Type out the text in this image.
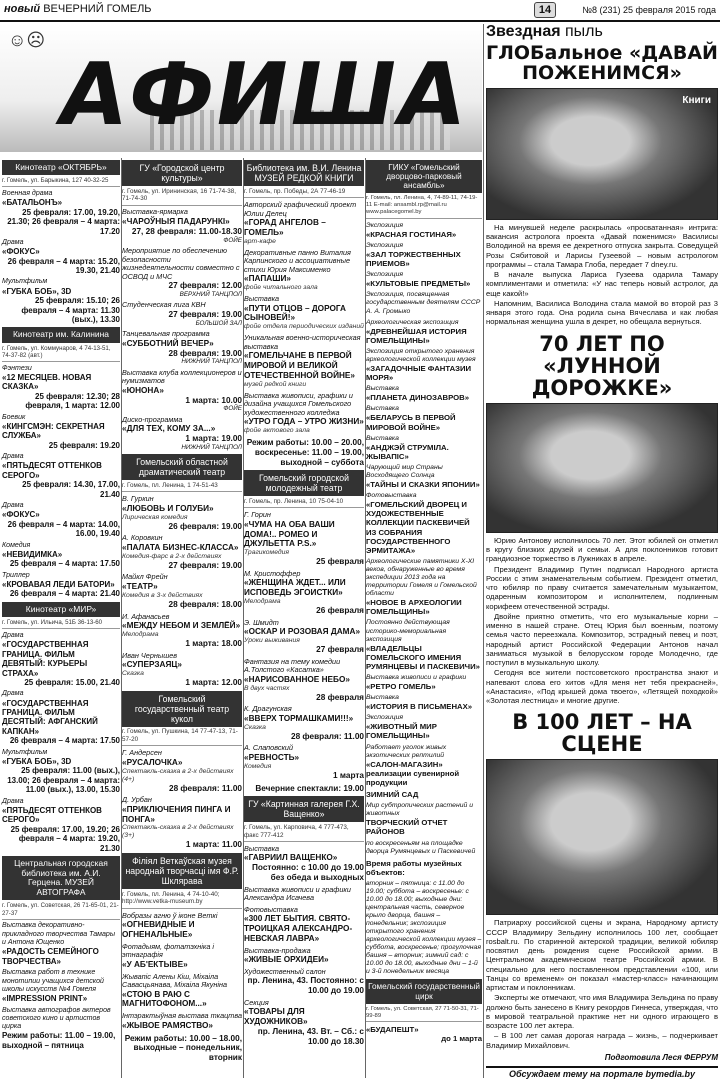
новый ВЕЧЕРНИЙ ГОМЕЛЬ	14	№8 (231) 25 февраля 2015 года
☺☹
АФИША
Кинотеатр «ОКТЯБРЬ»
г. Гомель, ул. Барыкина, 127 40-32-25
Военная драма
«БАТАЛЬОНЪ»
25 февраля: 17.00, 19.20, 21.30; 26 февраля – 4 марта: 17.20
Драма
«ФОКУС»
26 февраля – 4 марта: 15.20, 19.30, 21.40
Мультфильм
«ГУБКА БОБ», 3D
25 февраля: 15.10; 26 февраля – 4 марта: 11.30 (вых.), 13.30
Кинотеатр им. Калинина
г. Гомель, ул. Коммунаров, 4 74-13-51, 74-37-82 (авт.)
Фэнтези
«12 МЕСЯЦЕВ. НОВАЯ СКАЗКА»
25 февраля: 12.30; 28 февраля, 1 марта: 12.00
Боевик
«КИНГСМЭН: СЕКРЕТНАЯ СЛУЖБА»
25 февраля: 19.20
Драма
«ПЯТЬДЕСЯТ ОТТЕНКОВ СЕРОГО»
25 февраля: 14.30, 17.00, 21.40
Драма
«ФОКУС»
26 февраля – 4 марта: 14.00, 16.00, 19.40
Комедия
«НЕВИДИМКА»
25 февраля – 4 марта: 17.50
Триллер
«КРОВАВАЯ ЛЕДИ БАТОРИ»
26 февраля – 4 марта: 21.40
Кинотеатр «МИР»
г. Гомель, ул. Ильича, 51Б 36-13-60
Драма
«ГОСУДАРСТВЕННАЯ ГРАНИЦА. ФИЛЬМ ДЕВЯТЫЙ: КУРЬЕРЫ СТРАХА»
25 февраля: 15.00, 21.40
Драма
«ГОСУДАРСТВЕННАЯ ГРАНИЦА. ФИЛЬМ ДЕСЯТЫЙ: АФГАНСКИЙ КАПКАН»
26 февраля – 4 марта: 17.50
Мультфильм
«ГУБКА БОБ», 3D
25 февраля: 11.00 (вых.), 13.00; 26 февраля – 4 марта: 11.00 (вых.), 13.00, 15.30
Драма
«ПЯТЬДЕСЯТ ОТТЕНКОВ СЕРОГО»
25 февраля: 17.00, 19.20; 26 февраля – 4 марта: 19.20, 21.30
Центральная городская библиотека им. А.И. Герцена. МУЗЕЙ АВТОГРАФА
г. Гомель, ул. Советская, 26 71-65-01, 21-27-37
Выставка декоративно-прикладного творчества Тамары и Антона Ющенко
«РАДОСТЬ СЕМЕЙНОГО ТВОРЧЕСТВА»
Выставка работ в технике монотипии учащихся детской школы искусств №4 Гомеля
«IMPRESSION PRINT»
Выставка автографов актеров советского кино и артистов цирка
Режим работы: 11.00 – 19.00, выходной – пятница
ГУ «Городской центр культуры»
г. Гомель, ул. Ирининская, 16 71-74-38, 71-74-30
Выставка-ярмарка
«ЧАРОЎНЫЯ ПАДАРУНКІ»
27, 28 февраля: 11.00-18.30
ФОЙЕ
Мероприятие по обеспечению безопасности жизнедеятельности совместно с ОСВОД и МЧС
27 февраля: 12.00
ВЕРХНИЙ ТАНЦПОЛ
Студенческая лига КВН
27 февраля: 19.00
БОЛЬШОЙ ЗАЛ
Танцевальная программа
«СУББОТНИЙ ВЕЧЕР»
28 февраля: 19.00
НИЖНИЙ ТАНЦПОЛ
Выставка клуба коллекционеров и нумизматов
«ЮНОНА»
1 марта: 10.00
ФОЙЕ
Диско-программа
«ДЛЯ ТЕХ, КОМУ ЗА...»
1 марта: 19.00
НИЖНИЙ ТАНЦПОЛ
Гомельский областной драматический театр
г. Гомель, пл. Ленина, 1 74-51-43
В. Гуркин
«ЛЮБОВЬ И ГОЛУБИ»
Лирическая комедия
26 февраля: 19.00
А. Коровкин
«ПАЛАТА БИЗНЕС-КЛАССА»
Комедия-фарс в 2-х действиях
27 февраля: 19.00
Майкл Фрейн
«ТЕАТР»
Комедия в 3-х действиях
28 февраля: 18.00
И. Афанасьев
«МЕЖДУ НЕБОМ И ЗЕМЛЁЙ»
Мелодрама
1 марта: 18.00
Иван Чернышев
«СУПЕРЗАЯЦ»
Сказка
1 марта: 12.00
Гомельский государственный театр кукол
г. Гомель, ул. Пушкина, 14 77-47-13, 71-57-20
Г. Андерсен
«РУСАЛОЧКА»
Спектакль-сказка в 2-х действиях (4+)
28 февраля: 11.00
Д. Урбан
«ПРИКЛЮЧЕНИЯ ПИНГА И ПОНГА»
Спектакль-сказка в 2-х действиях (3+)
1 марта: 11.00
Філіял Веткаўская музея народнай творчасці імя Ф.Р. Шклярава
г. Гомель, пл. Ленина, 4 74-10-40; http://www.vetka-museum.by
Вобразы агню ў іконе Веткі
«ОГНЕВИДНЫЕ И ОГНЕНАЛЬНЫЕ»
Фотадыям, фотатэхніка і этнаграфія
«У АБ'ЕКТЫВЕ»
Жывапіс Алены Кіш, Міхаіла Савасцьянава, Міхаіла Якуніна
«СТОЮ В РАЮ С МАГНИТОФОНОМ...»
Інтэрактыўная выстава ткацтва
«ЖЫВОЕ РАМЯСТВО»
Режим работы: 10.00 – 18.00, выходные – понедельник, вторник
Библиотека им. В.И. Ленина МУЗЕЙ РЕДКОЙ КНИГИ
г. Гомель, пр. Победы, 2А 77-46-19
Авторский графический проект Юлии Делец
«ГОРАД АНГЕЛОВ – ГОМЕЛЬ»
арт-кафе
Декоративные панно Виталия Карпинского и ассоциативные стихи Юрия Максименко
«ПАПАШИ»
фойе читального зала
Выставка
«ПУТИ ОТЦОВ – ДОРОГА СЫНОВЕЙ!»
фойе отдела периодических изданий
Уникальная военно-историческая выставка
«ГОМЕЛЬЧАНЕ В ПЕРВОЙ МИРОВОЙ И ВЕЛИКОЙ ОТЕЧЕСТВЕННОЙ ВОЙНЕ»
музей редкой книги
Выставка живописи, графики и дизайна учащихся Гомельского художественного колледжа
«УТРО ГОДА – УТРО ЖИЗНИ»
фойе актового зала
Режим работы: 10.00 – 20.00, воскресенье: 11.00 – 19.00, выходной – суббота
Гомельский городской молодежный театр
г. Гомель, пр. Ленина, 10 75-04-10
Г. Горин
«ЧУМА НА ОБА ВАШИ ДОМА!.. РОМЕО И ДЖУЛЬЕТТА P.S.»
Трагикомедия
25 февраля
М. Кристоффер
«ЖЕНЩИНА ЖДЕТ... ИЛИ ИСПОВЕДЬ ЭГОИСТКИ»
Мелодрама
26 февраля
Э. Шмидт
«ОСКАР И РОЗОВАЯ ДАМА»
Уроки выживания
27 февраля
Фантазия на тему комедии А.Толстого «Касатка»
«НАРИСОВАННОЕ НЕБО»
В двух частях
28 февраля
К. Драгунская
«ВВЕРХ ТОРМАШКАМИ!!!»
Сказка
28 февраля: 11.00
А. Слаповский
«РЕВНОСТЬ»
Комедия
1 марта
Вечерние спектакли: 19.00
ГУ «Картинная галерея Г.Х. Ващенко»
г. Гомель, ул. Карповича, 4 777-473, факс 777-412
Выставка
«ГАВРИИЛ ВАЩЕНКО»
Постоянно: с 10.00 до 19.00 без обеда и выходных
Выставка живописи и графики Александра Исачева
Фотовыставка
«300 ЛЕТ БЫТИЯ. СВЯТО-ТРОИЦКАЯ АЛЕКСАНДРО-НЕВСКАЯ ЛАВРА»
Выставка-продажа
«ЖИВЫЕ ОРХИДЕИ»
Художественный салон
пр. Ленина, 43. Постоянно: с 10.00 до 19.00
Секция
«ТОВАРЫ ДЛЯ ХУДОЖНИКОВ»
пр. Ленина, 43. Вт. – Сб.: с 10.00 до 18.30
ГИКУ «Гомельский дворцово-парковый ансамбль»
г. Гомель, пл. Ленина, 4, 74-89-11, 74-19-11 E-mail: ansambl.rp@mail.ru www.palacegomel.by
Экспозиция
«КРАСНАЯ ГОСТИНАЯ»
Экспозиция
«ЗАЛ ТОРЖЕСТВЕННЫХ ПРИЕМОВ»
Экспозиция
«КУЛЬТОВЫЕ ПРЕДМЕТЫ»
Экспозиция, посвященная государственным деятелям СССР А. А. Громыко
Археологическая экспозиция
«ДРЕВНЕЙШАЯ ИСТОРИЯ ГОМЕЛЬЩИНЫ»
Экспозиция открытого хранения археологической коллекции музея
«ЗАГАДОЧНЫЕ ФАНТАЗИИ МОРЯ»
Выставка
«ПЛАНЕТА ДИНОЗАВРОВ»
Выставка
«БЕЛАРУСЬ В ПЕРВОЙ МИРОВОЙ ВОЙНЕ»
Выставка
«АНДЖЭЙ СТРУМІЛА. ЖЫВАПІС»
Чарующий мир Страны Восходящего Солнца
«ТАЙНЫ И СКАЗКИ ЯПОНИИ»
Фотовыставка
«ГОМЕЛЬСКИЙ ДВОРЕЦ И ХУДОЖЕСТВЕННЫЕ КОЛЛЕКЦИИ ПАСКЕВИЧЕЙ ИЗ СОБРАНИЯ ГОСУДАРСТВЕННОГО ЭРМИТАЖА»
Археологические памятники X-XI веков, обнаруженные во время экспедиции 2013 года на территории Гомеля и Гомельской области
«НОВОЕ В АРХЕОЛОГИИ ГОМЕЛЬЩИНЫ»
Постоянно действующая историко-мемориальная экспозиция
«ВЛАДЕЛЬЦЫ ГОМЕЛЬСКОГО ИМЕНИЯ РУМЯНЦЕВЫ И ПАСКЕВИЧИ»
Выставка живописи и графики
«РЕТРО ГОМЕЛЬ»
Выставка
«ИСТОРИЯ В ПИСЬМЕНАХ»
Экспозиция
«ЖИВОТНЫЙ МИР ГОМЕЛЬЩИНЫ»
Работает уголок живых экзотических рептилий
«САЛОН-МАГАЗИН» реализации сувенирной продукции
ЗИМНИЙ САД
Мир субтропических растений и животных
ТВОРЧЕСКИЙ ОТЧЕТ РАЙОНОВ
по воскресеньям на площадке дворца Румянцевых и Паскевичей
Время работы музейных объектов:
вторник – пятница: с 11.00 до 19.00; суббота – воскресенье: с 10.00 до 18.00; выходные дни: центральная часть, северное крыло дворца, башня – понедельник; экспозиция открытого хранения археологической коллекции музея – суббота, воскресенье; прогулочная башня – вторник; зимний сад: с 10.00 до 18.00, выходные дни – 1-й и 3-й понедельник месяца
Гомельский государственный цирк
г. Гомель, ул. Советская, 27 71-50-31, 71-99-89
«БУДАПЕШТ»
до 1 марта
Звездная пыль
ГЛОБальное «ДАВАЙ ПОЖЕНИМСЯ»
Книги

На минувшей неделе раскрылась «просватанная» интрига: вакансия астролога проекта «Давай поженимся» Василисы Володиной на время ее декретного отпуска закрыта. Соведущей Розы Сябитовой и Ларисы Гузеевой – новым астрологом программы – стала Тамара Глоба, передает 7 dney.ru.

В начале выпуска Лариса Гузеева одарила Тамару комплиментами и отметила: «У нас теперь новый астролог, да еще какой!»

Напомним, Василиса Володина стала мамой во второй раз 3 января этого года. Она родила сына Вячеслава и как любая нормальная женщина ушла в декрет, но обещала вернуться.

70 ЛЕТ ПО «ЛУННОЙ ДОРОЖКЕ»

Юрию Антонову исполнилось 70 лет. Этот юбилей он отметил в кругу близких друзей и семьи. А для поклонников готовит грандиозное торжество в Лужниках в апреле.

Президент Владимир Путин подписал Народного артиста России с этим знаменательным событием. Президент отметил, что юбиляр по праву считается замечательным музыкантом, одаренным композитором и исполнителем, подлинным корифеем отечественной эстрады.

Двойне приятно отметить, что его музыкальные корни – именно в нашей стране. Отец Юрия был военным, поэтому семья часто переезжала. Композитор, эстрадный певец и поэт, народный артист Российской Федерации Антонов начал заниматься музыкой в белорусском городе Молодечно, где поступил в музыкальную школу.

Сегодня все жители постсоветского пространства знают и напевают слова его хитов «Для меня нет тебя прекрасней», «Анастасия», «Под крышей дома твоего», «Летящей походкой» «Золотая лестница» и многие другие.

В 100 ЛЕТ – НА СЦЕНЕ

Патриарху российской сцены и экрана, Народному артисту СССР Владимиру Зельдину исполнилось 100 лет, сообщает rosbalt.ru. По старинной актерской традиции, великой юбиляр посвятил день рождения сцене Российской армии. В Центральном академическом театре Российской армии. В специально для него поставленном представлении «100, или Танцы со временем» он показал «мастер-класс» начинающим артистам и поклонникам.

Эксперты же отмечают, что имя Владимира Зельдина по праву должно быть занесено в Книгу рекордов Гиннеса, утверждая, что в мировой театральной практике нет ни одного играющего в возрасте 100 лет актера.

– В 100 лет самая дорогая награда – жизнь, – подчеркивает Владимир Михайлович.

Подготовила Леся ФЕРРУМ
Обсуждаем тему на портале bymedia.by
